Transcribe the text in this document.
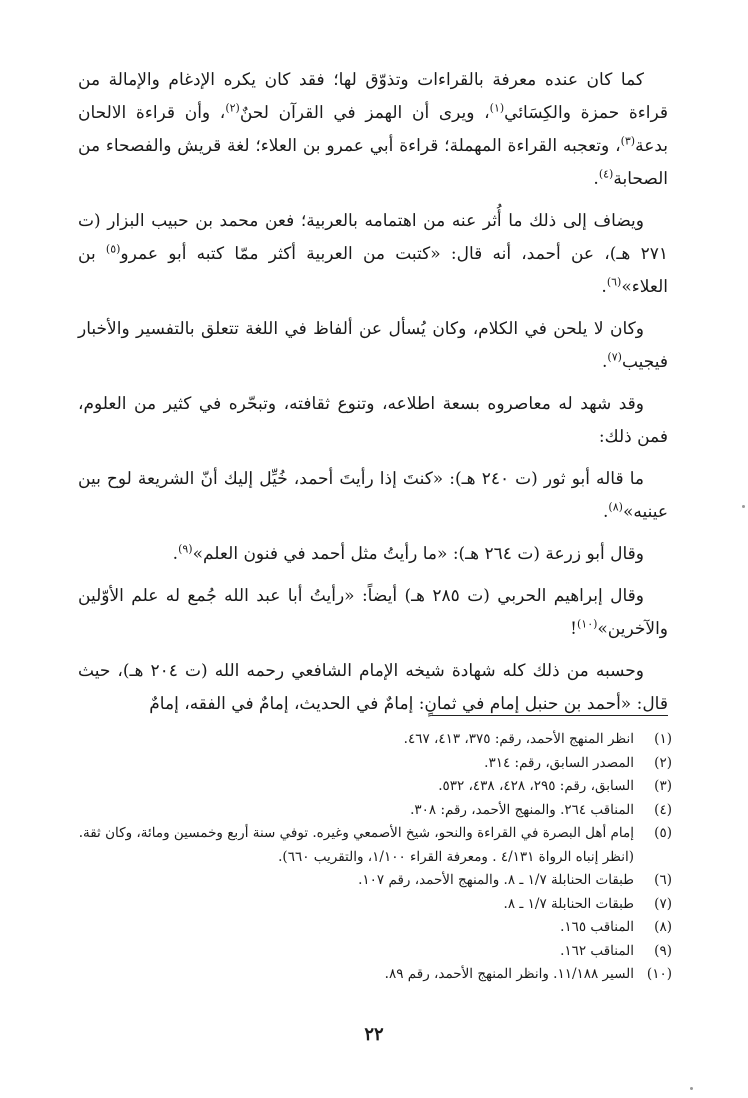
كما كان عنده معرفة بالقراءات وتذوّق لها؛ فقد كان يكره الإدغام والإمالة من قراءة حمزة والكِسَائي$^{(١)}$، ويرى أن الهمز في القرآن لحنٌ$^{(٢)}$، وأن قراءة الالحان بدعة$^{(٣)}$، وتعجبه القراءة المهملة؛ قراءة أبي عمرو بن العلاء؛ لغة قريش والفصحاء من الصحابة$^{(٤)}$.

ويضاف إلى ذلك ما أُثر عنه من اهتمامه بالعربية؛ فعن محمد بن حبيب البزار (ت ٢٧١ هـ)، عن أحمد، أنه قال: «كتبت من العربية أكثر ممّا كتبه أبو عمرو$^{(٥)}$ بن العلاء»$^{(٦)}$.

وكان لا يلحن في الكلام، وكان يُسأل عن ألفاظ في اللغة تتعلق بالتفسير والأخبار فيجيب$^{(٧)}$.

وقد شهد له معاصروه بسعة اطلاعه، وتنوع ثقافته، وتبحّره في كثير من العلوم، فمن ذلك:

ما قاله أبو ثور (ت ٢٤٠ هـ): «كنتَ إذا رأيتَ أحمد، خُيِّل إليك أنّ الشريعة لوح بين عينيه»$^{(٨)}$.

وقال أبو زرعة (ت ٢٦٤ هـ): «ما رأيتُ مثل أحمد في فنون العلم»$^{(٩)}$.

وقال إبراهيم الحربي (ت ٢٨٥ هـ) أيضاً: «رأيتُ أبا عبد الله جُمع له علم الأوّلين والآخرين»$^{(١٠)}$!

وحسبه من ذلك كله شهادة شيخه الإمام الشافعي رحمه الله (ت ٢٠٤ هـ)، حيث قال: «أحمد بن حنبل إمام في ثمانٍ: إمامٌ في الحديث، إمامٌ في الفقه، إمامٌ

(١)
انظر المنهج الأحمد، رقم: ٣٧٥، ٤١٣، ٤٦٧.
(٢)
المصدر السابق، رقم: ٣١٤.
(٣)
السابق، رقم: ٢٩٥، ٤٢٨، ٤٣٨، ٥٣٢.
(٤)
المناقب ٢٦٤. والمنهج الأحمد، رقم: ٣٠٨.
(٥)
إمام أهل البصرة في القراءة والنحو، شيخ الأصمعي وغيره. توفي سنة أربع وخمسين ومائة، وكان ثقة. (انظر إنباه الرواة ٤/١٣١ . ومعرفة القراء ١/١٠٠، والتقريب ٦٦٠).
(٦)
طبقات الحنابلة ١/٧ ـ ٨. والمنهج الأحمد، رقم ١٠٧.
(٧)
طبقات الحنابلة ١/٧ ـ ٨.
(٨)
المناقب ١٦٥.
(٩)
المناقب ١٦٢.
(١٠)
السير ١١/١٨٨. وانظر المنهج الأحمد، رقم ٨٩.
٢٢
